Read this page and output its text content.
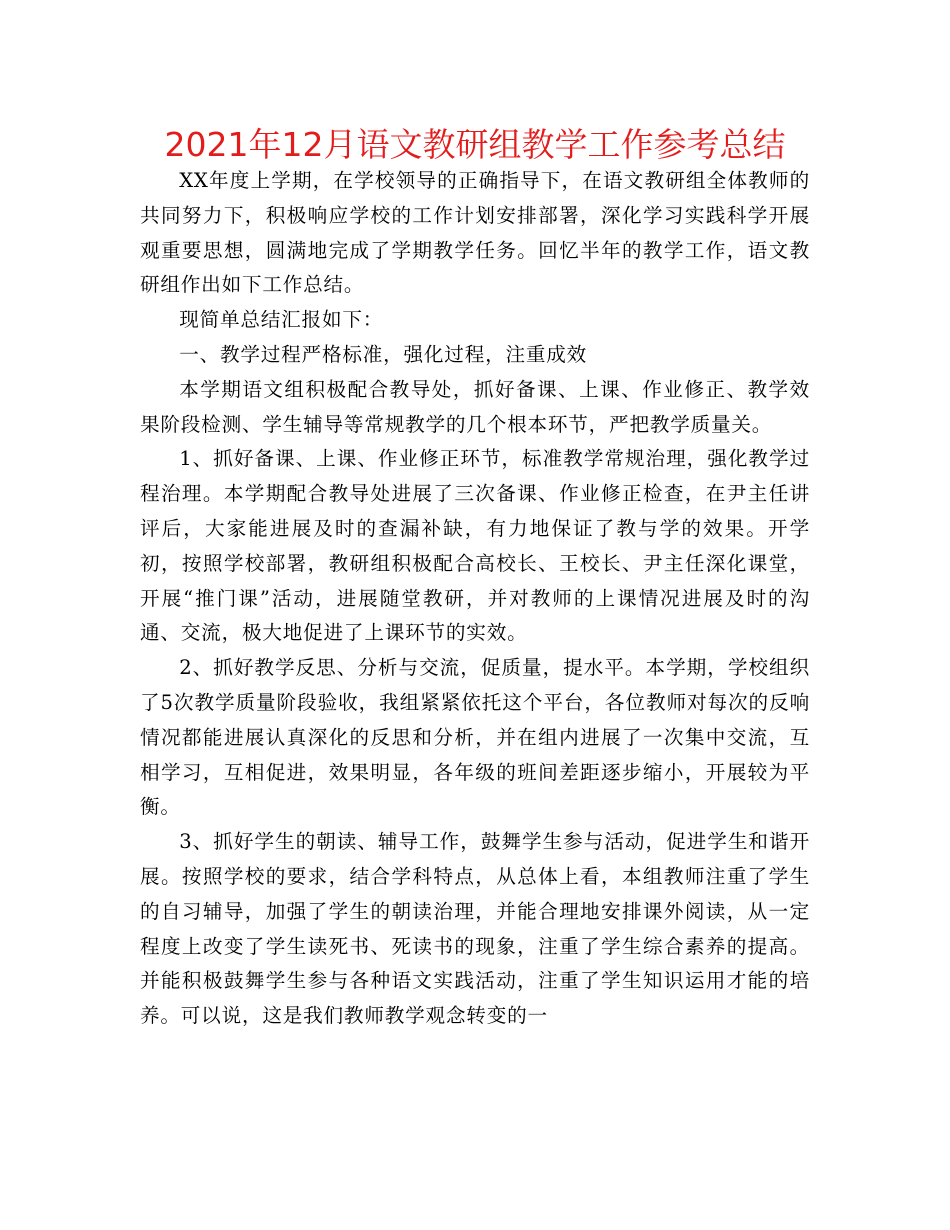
2021年12月语文教研组教学工作参考总结

XX年度上学期，在学校领导的正确指导下，在语文教研组全体教师的共同努力下，积极响应学校的工作计划安排部署，深化学习实践科学开展观重要思想，圆满地完成了学期教学任务。回忆半年的教学工作，语文教研组作出如下工作总结。

现简单总结汇报如下：

一、教学过程严格标准，强化过程，注重成效

本学期语文组积极配合教导处，抓好备课、上课、作业修正、教学效果阶段检测、学生辅导等常规教学的几个根本环节，严把教学质量关。

1、抓好备课、上课、作业修正环节，标准教学常规治理，强化教学过程治理。本学期配合教导处进展了三次备课、作业修正检查，在尹主任讲评后，大家能进展及时的查漏补缺，有力地保证了教与学的效果。开学初，按照学校部署，教研组积极配合高校长、王校长、尹主任深化课堂，开展“推门课”活动，进展随堂教研，并对教师的上课情况进展及时的沟通、交流，极大地促进了上课环节的实效。

2、抓好教学反思、分析与交流，促质量，提水平。本学期，学校组织了5次教学质量阶段验收，我组紧紧依托这个平台，各位教师对每次的反响情况都能进展认真深化的反思和分析，并在组内进展了一次集中交流，互相学习，互相促进，效果明显，各年级的班间差距逐步缩小，开展较为平衡。

3、抓好学生的朝读、辅导工作，鼓舞学生参与活动，促进学生和谐开展。按照学校的要求，结合学科特点，从总体上看，本组教师注重了学生的自习辅导，加强了学生的朝读治理，并能合理地安排课外阅读，从一定程度上改变了学生读死书、死读书的现象，注重了学生综合素养的提高。并能积极鼓舞学生参与各种语文实践活动，注重了学生知识运用才能的培养。可以说，这是我们教师教学观念转变的一
